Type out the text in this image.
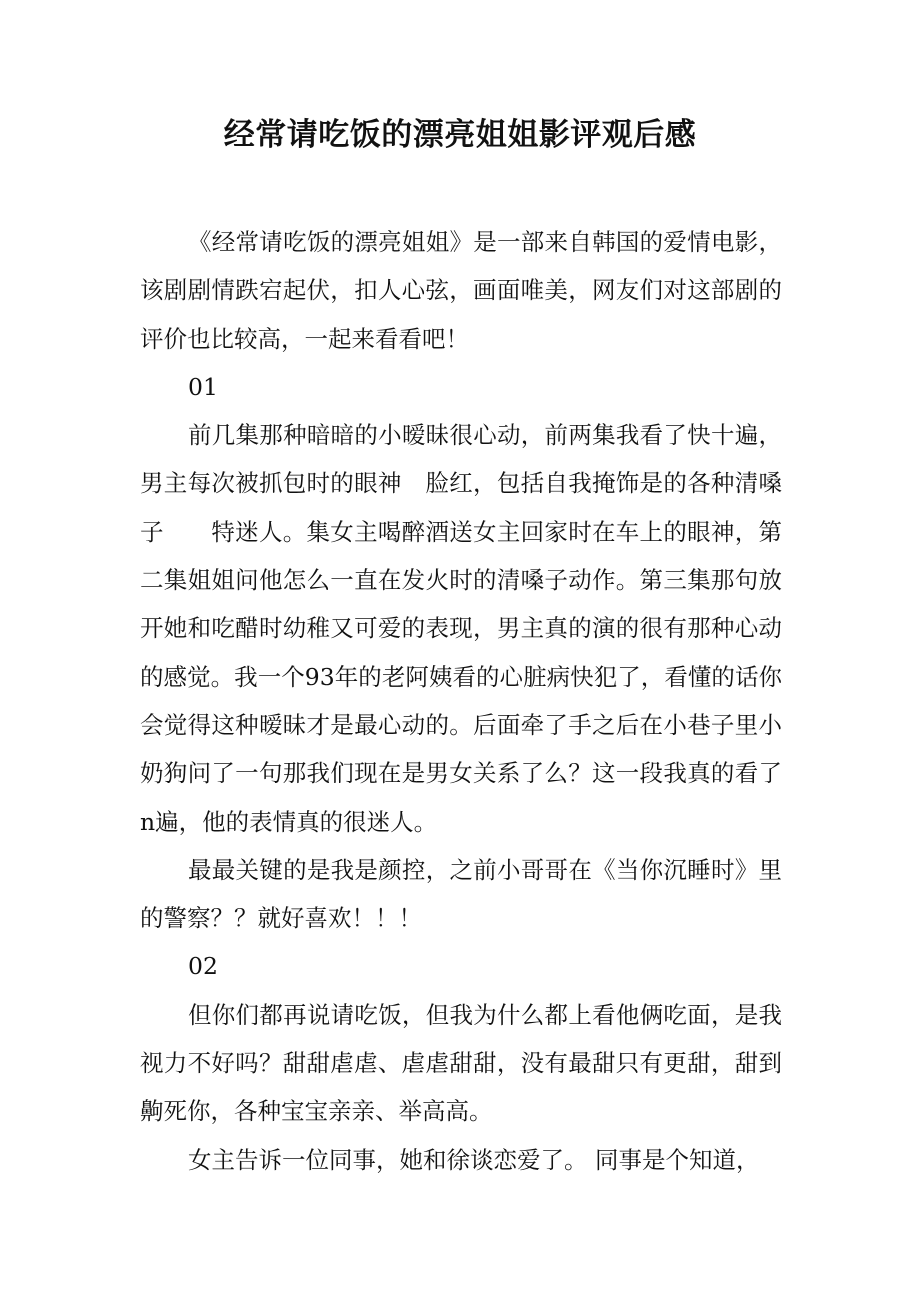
经常请吃饭的漂亮姐姐影评观后感

《经常请吃饭的漂亮姐姐》是一部来自韩国的爱情电影，该剧剧情跌宕起伏，扣人心弦，画面唯美，网友们对这部剧的评价也比较高，一起来看看吧！

01

前几集那种暗暗的小暧昧很心动，前两集我看了快十遍，男主每次被抓包时的眼神　脸红，包括自我掩饰是的各种清嗓子　　特迷人。集女主喝醉酒送女主回家时在车上的眼神，第二集姐姐问他怎么一直在发火时的清嗓子动作。第三集那句放开她和吃醋时幼稚又可爱的表现，男主真的演的很有那种心动的感觉。我一个93年的老阿姨看的心脏病快犯了，看懂的话你会觉得这种暧昧才是最心动的。后面牵了手之后在小巷子里小奶狗问了一句那我们现在是男女关系了么？这一段我真的看了n遍，他的表情真的很迷人。

最最关键的是我是颜控，之前小哥哥在《当你沉睡时》里的警察？？就好喜欢！！！

02

但你们都再说请吃饭，但我为什么都上看他俩吃面，是我视力不好吗？甜甜虐虐、虐虐甜甜，没有最甜只有更甜，甜到齁死你，各种宝宝亲亲、举高高。

女主告诉一位同事，她和徐谈恋爱了。 同事是个知道，
